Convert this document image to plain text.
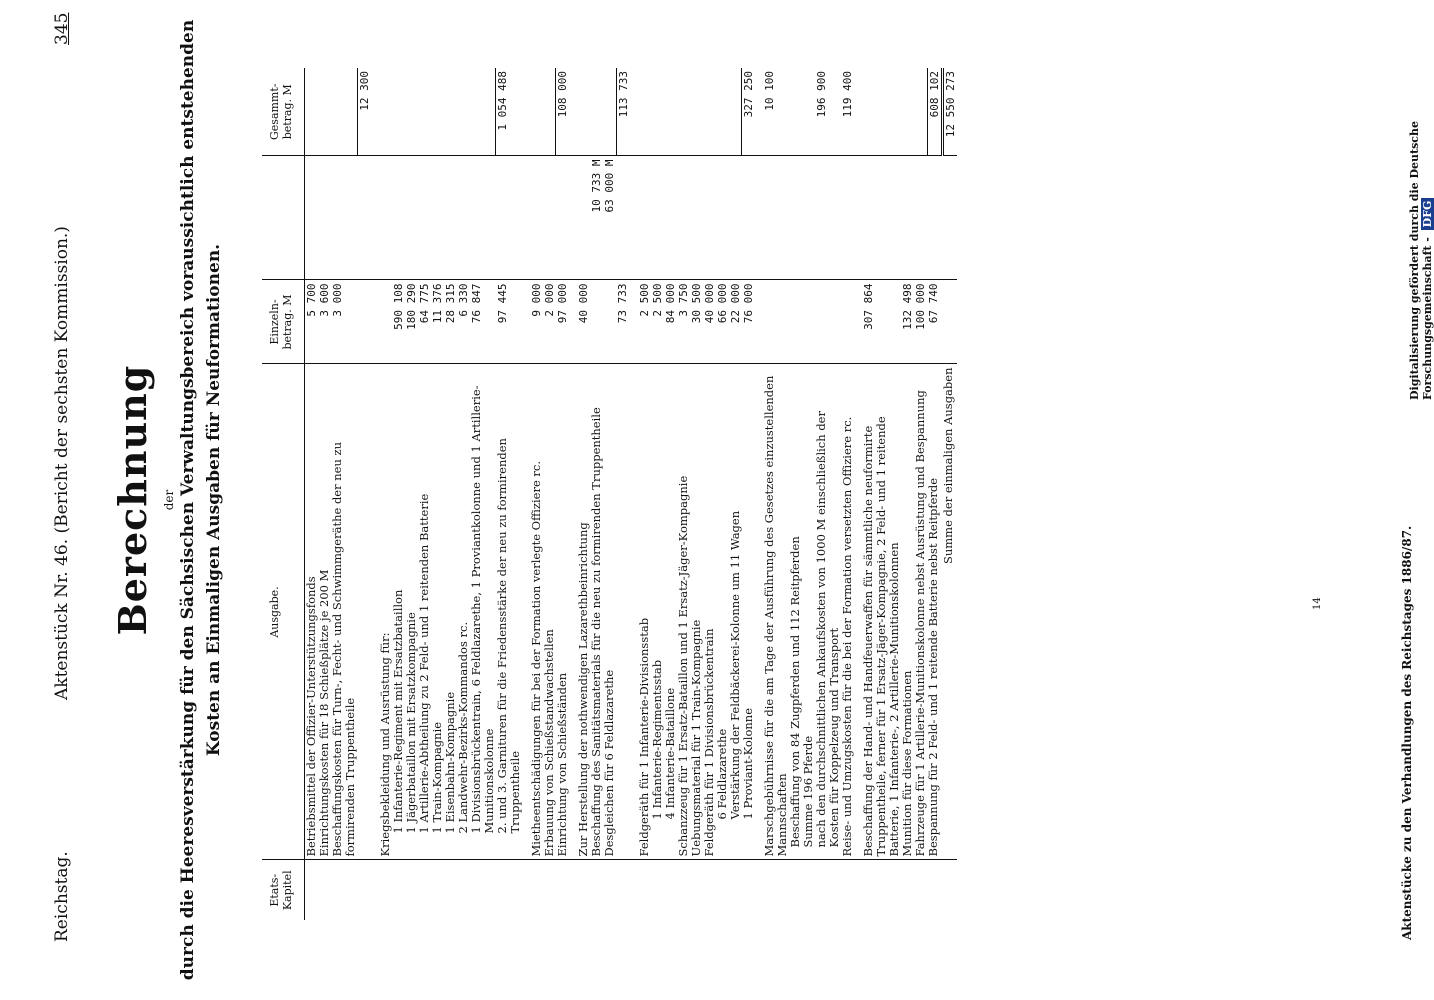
Reichstag.
Aktenstück Nr. 46. (Bericht der sechsten Kommission.)
345
Berechnung der durch die Heeresverstärkung für den Sächsischen Verwaltungsbereich voraussichtlich entstehenden Kosten an Einmaligen Ausgaben für Neuformationen.
Etats-Kapitel	Ausgabe.	Einzeln-betrag. M		Gesammt-betrag. M
	Betriebsmittel der Offizier-Unterstützungsfonds	5 700		
	Einrichtungskosten für 18 Schießplätze je 200 M	3 600		
	Beschaffungskosten für Turn-, Fecht- und Schwimmgeräthe der neu zu formirenden Truppentheile	3 000		
				12 300

	Kriegsbekleidung und Ausrüstung für:			
	1 Infanterie-Regiment mit Ersatzbataillon	590 108		
	1 Jägerbataillon mit Ersatzkompagnie	180 290		
	1 Artillerie-Abtheilung zu 2 Feld- und 1 reitenden Batterie	64 775		
	1 Train-Kompagnie	11 376		
	1 Eisenbahn-Kompagnie	28 315		
	2 Landwehr-Bezirks-Kommandos rc.	6 330		
	1 Divisionsbrückentrain, 6 Feldlazarethe, 1 Proviantkolonne und 1 Artillerie-Munitionskolonne	76 847		
	2. und 3. Garnituren für die Friedensstärke der neu zu formirenden Truppentheile	97 445		1 054 488

	Mietheentschädigungen für bei der Formation verlegte Offiziere rc.	9 000		
	Erbauung von Schießstandwachstellen	2 000		
	Einrichtung von Schießständen	97 000		108 000

	Zur Herstellung der nothwendigen Lazarethbeinrichtung	40 000		
	Beschaffung des Sanitätsmaterials für die neu zu formirenden Truppentheile		10 733 M	
	Desgleichen für 6 Feldlazarethe		63 000 M	
		73 733		113 733

	Feldgeräth für 1 Infanterie-Divisionsstab	2 500		
	1 Infanterie-Regimentsstab	2 500		
	4 Infanterie-Bataillone	84 000		
	Schanzzeug für 1 Ersatz-Bataillon und 1 Ersatz-Jäger-Kompagnie	3 750		
	Uebungsmaterial für 1 Train-Kompagnie	30 500		
	Feldgeräth für 1 Divisionsbrückentrain	40 000		
	6 Feldlazarethe	66 000		
	Verstärkung der Feldbäckerei-Kolonne um 11 Wagen	22 000		
	1 Proviant-Kolonne	76 000		327 250

	Marschgebührnisse für die am Tage der Ausführung des Gesetzes einzustellenden Mannschaften			10 100
	Beschaffung von 84 Zugpferden und 112 Reitpferden			
	Summe 196 Pferde			
	nach den durchschnittlichen Ankaufskosten von 1000 M einschließlich der Kosten für Koppelzeug und Transport			196 900
	Reise- und Umzugskosten für die bei der Formation versetzten Offiziere rc.			119 400

	Beschaffung der Hand- und Handfeuerwaffen für sämmtliche neuformirte Truppentheile, ferner für 1 Ersatz-Jäger-Kompagnie, 2 Feld- und 1 reitende Batterie, 1 Infanterie-, 2 Artillerie-Munitionskolonnen	307 864		
	Munition für diese Formationen	132 498		
	Fahrzeuge für 1 Artillerie-Munitionskolonne nebst Ausrüstung und Bespannung	100 000		
	Bespannung für 2 Feld- und 1 reitende Batterie nebst Reitpferde	67 740		608 102
	Summe der einmaligen Ausgaben			12 550 273
14	Aktenstücke zu den Verhandlungen des Reichstages 1886/87.
Digitalisierung gefördert durch die Deutsche Forschungsgemeinschaft - DFG
